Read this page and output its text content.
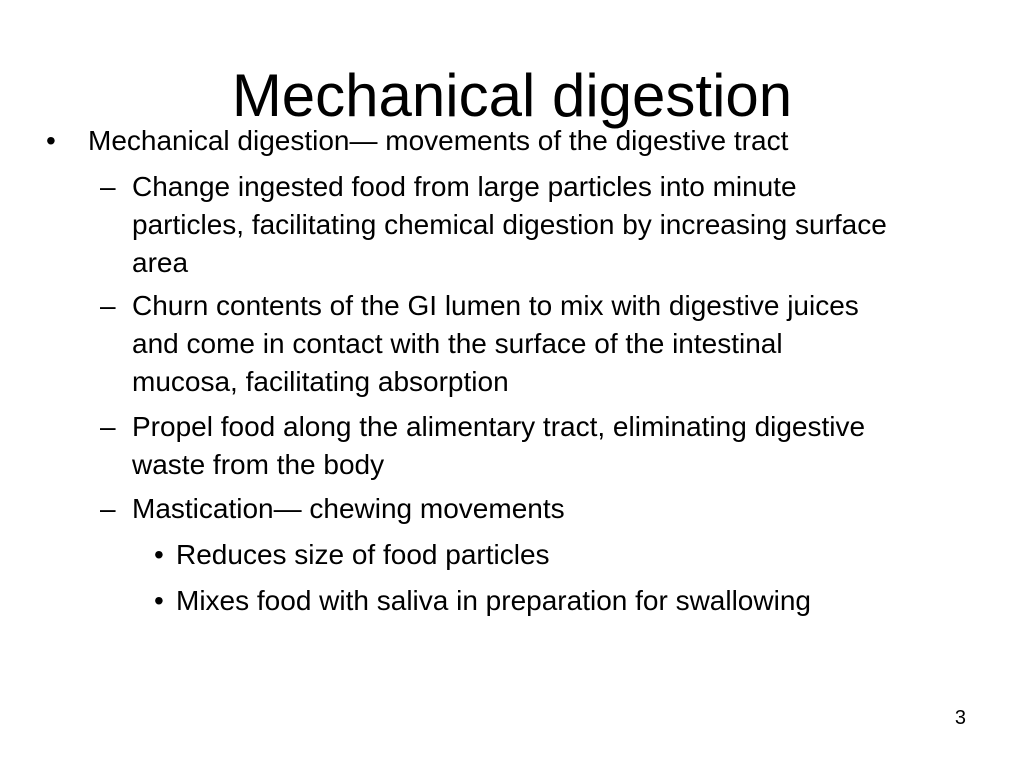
Mechanical digestion
• Mechanical digestion— movements of the digestive tract
– Change ingested food from large particles into minute
particles, facilitating chemical digestion by increasing surface
area
– Churn contents of the GI lumen to mix with digestive juices
and come in contact with the surface of the intestinal
mucosa, facilitating absorption
– Propel food along the alimentary tract, eliminating digestive
waste from the body
– Mastication— chewing movements
• Reduces size of food particles
• Mixes food with saliva in preparation for swallowing
3
